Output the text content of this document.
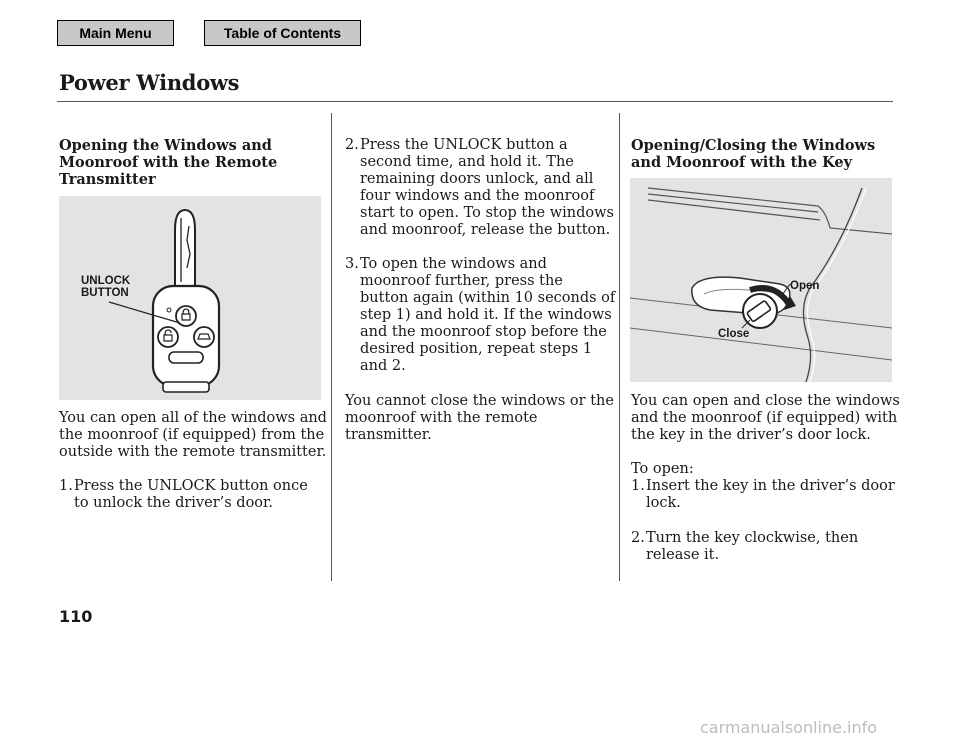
Main Menu	Table of Contents
Power Windows

Opening the Windows and
Moonroof with the Remote
Transmitter

UNLOCK
BUTTON

You can open all of the windows and
the moonroof (if equipped) from the
outside with the remote transmitter.

1. Press the UNLOCK button once
to unlock the driver’s door.
2. Press the UNLOCK button a
second time, and hold it. The
remaining doors unlock, and all
four windows and the moonroof
start to open. To stop the windows
and moonroof, release the button.
3. To open the windows and
moonroof further, press the
button again (within 10 seconds of
step 1) and hold it. If the windows
and the moonroof stop before the
desired position, repeat steps 1
and 2.

You cannot close the windows or the
moonroof with the remote
transmitter.

Opening/Closing the Windows
and Moonroof with the Key

Open
Close

You can open and close the windows
and the moonroof (if equipped) with
the key in the driver’s door lock.

To open:

1. Insert the key in the driver’s door
lock.
2. Turn the key clockwise, then
release it.
110
carmanualsonline.info
